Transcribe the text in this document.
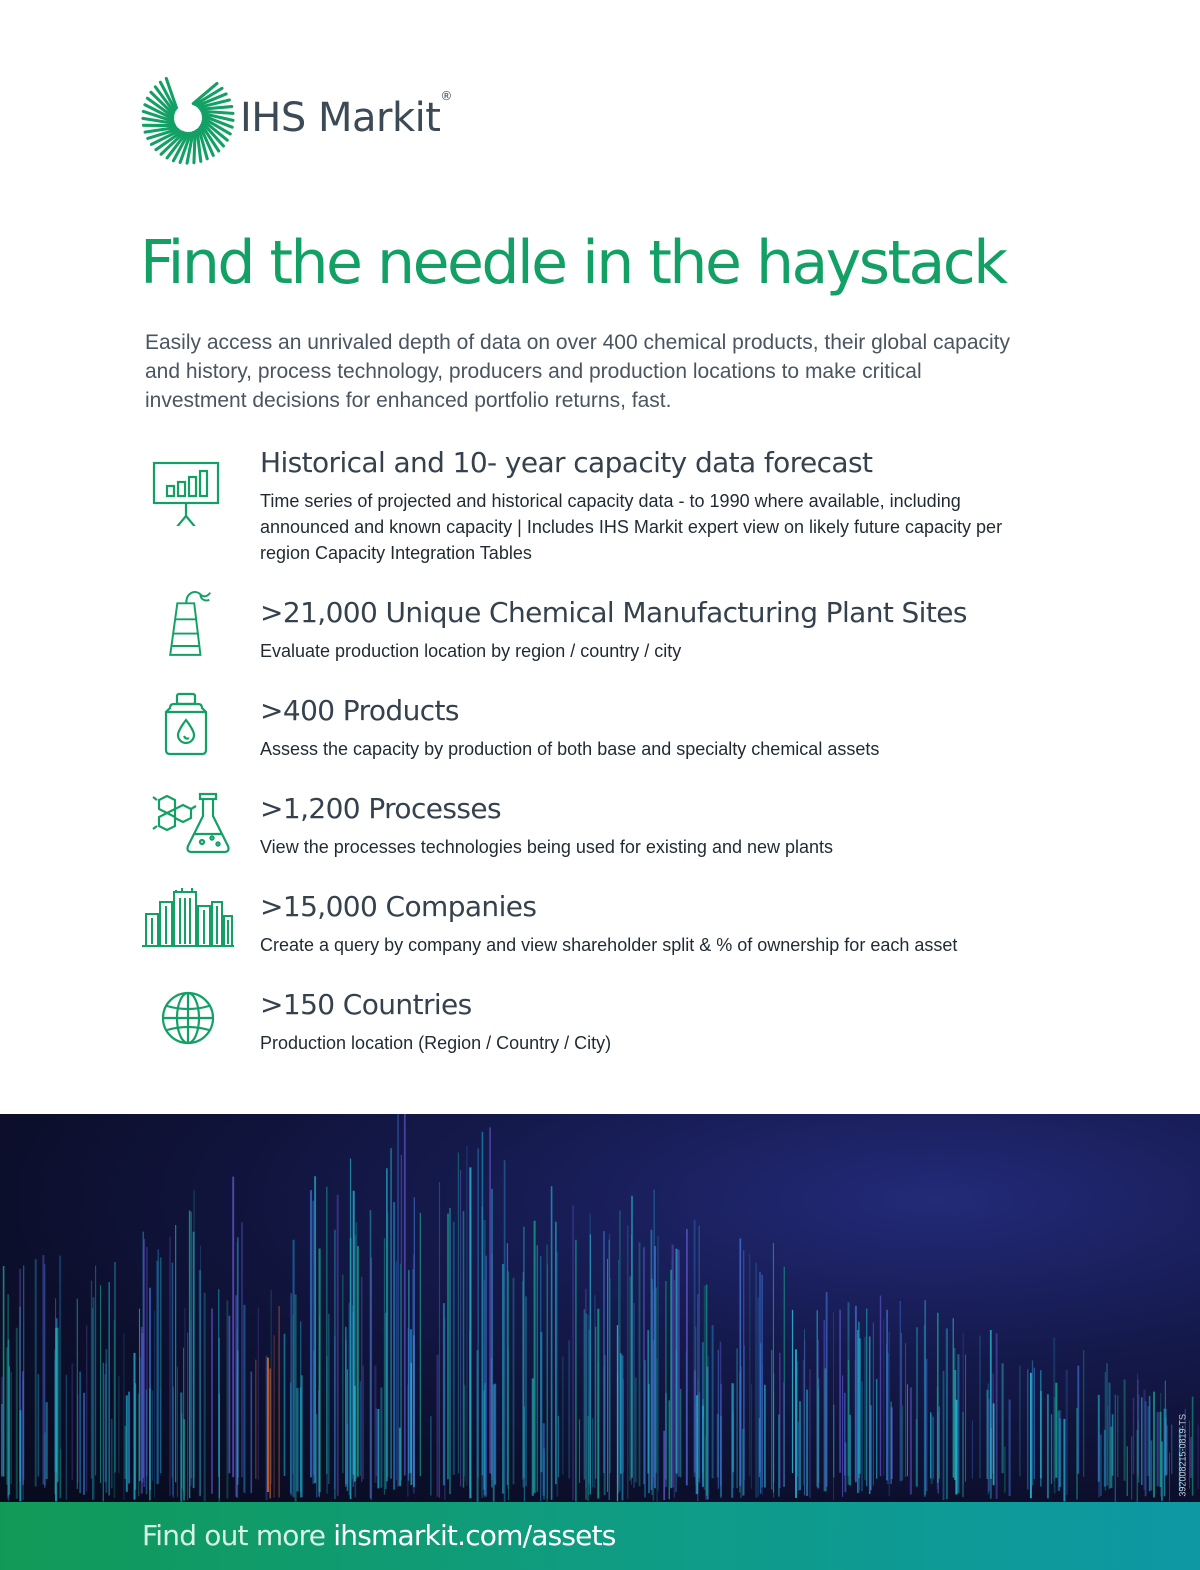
IHS Markit®
Find the needle in the haystack

Easily access an unrivaled depth of data on over 400 chemical products, their global capacity and history, process technology, producers and production locations to make critical investment decisions for enhanced portfolio returns, fast.

Historical and 10- year capacity data forecast

Time series of projected and historical capacity data - to 1990 where available, including announced and known capacity | Includes IHS Markit expert view on likely future capacity per region Capacity Integration Tables

>21,000 Unique Chemical Manufacturing Plant Sites

Evaluate production location by region / country / city

>400 Products

Assess the capacity by production of both base and specialty chemical assets

>1,200 Processes

View the processes technologies being used for existing and new plants

>15,000 Companies

Create a query by company and view shareholder split & % of ownership for each asset

>150 Countries

Production location (Region / Country / City)

392008215-0819-TS
Find out more ihsmarkit.com/assets
